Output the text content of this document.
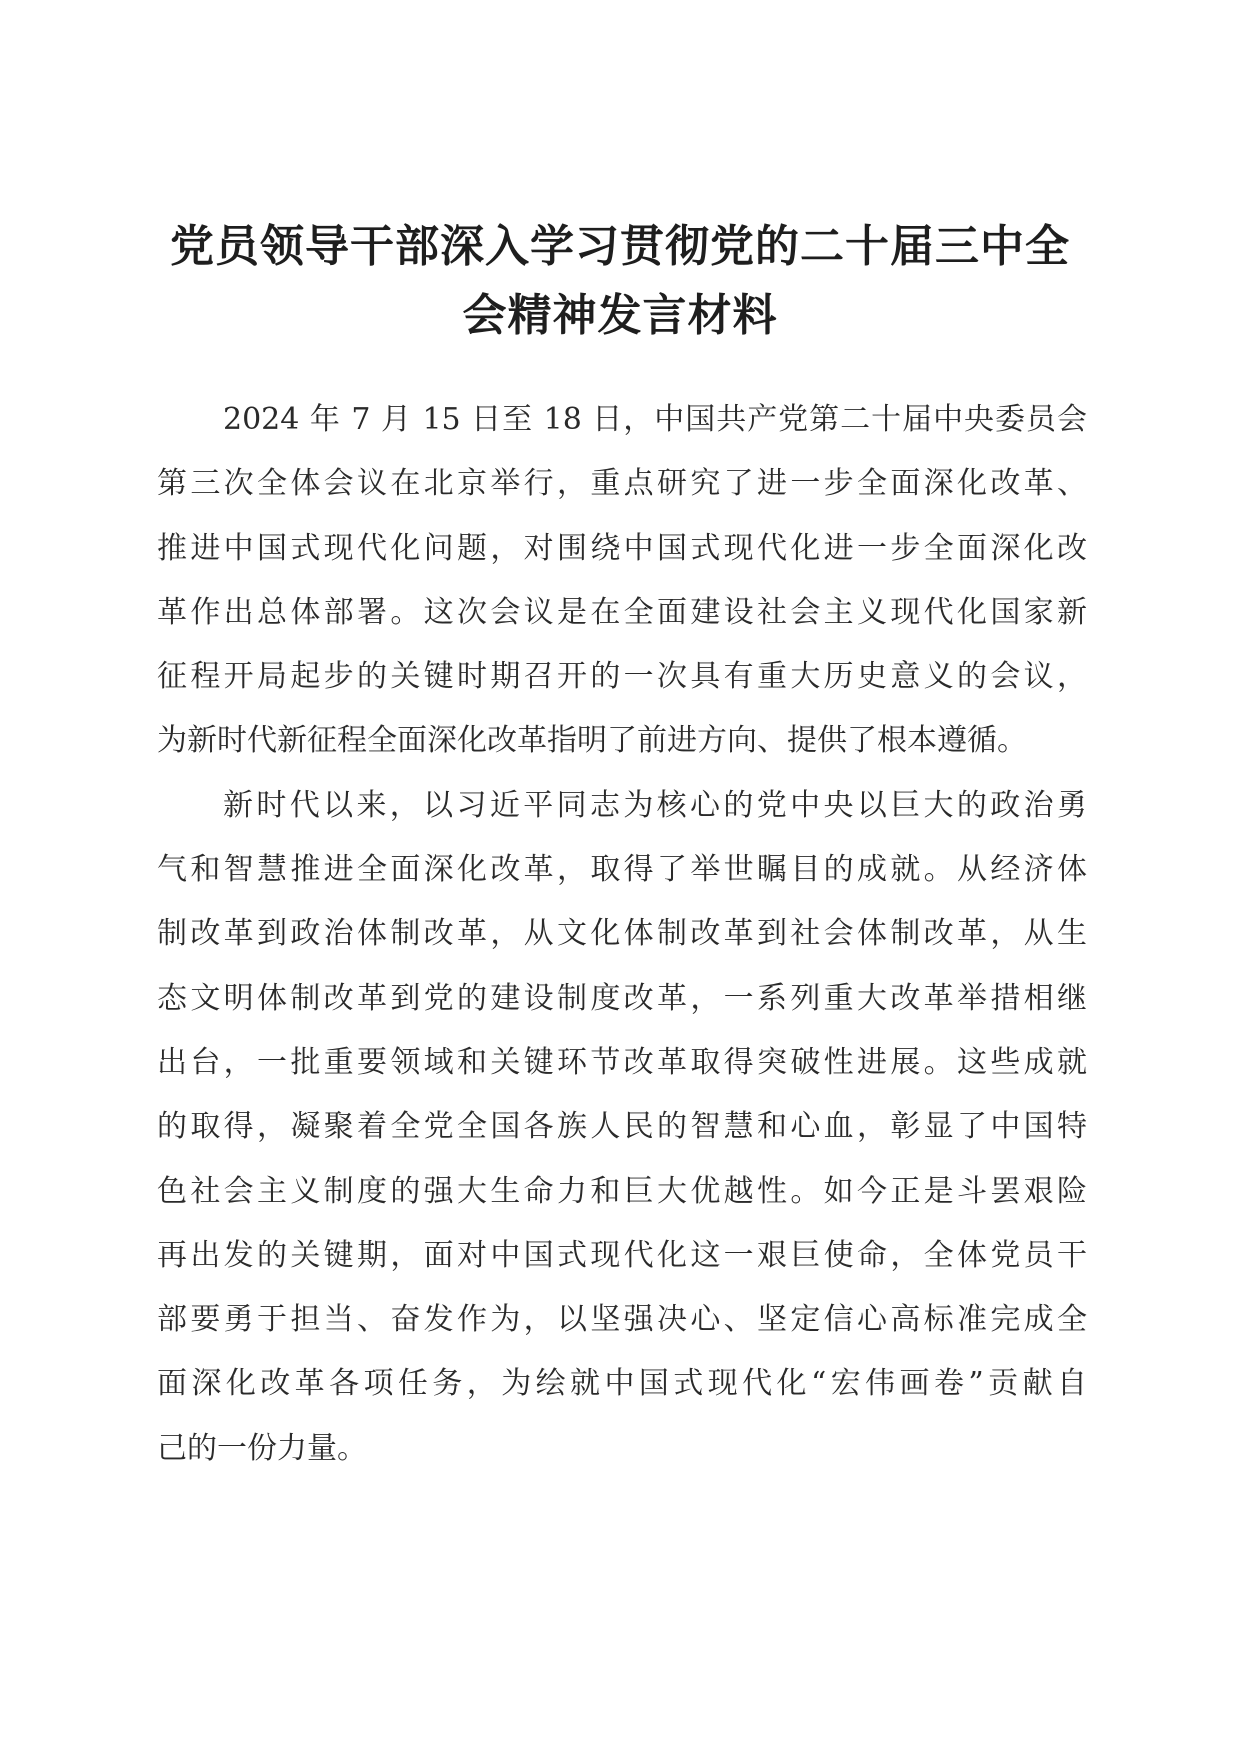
党员领导干部深入学习贯彻党的二十届三中全
会精神发言材料

2024 年 7 月 15 日至 18 日，中国共产党第二十届中央委员会
第三次全体会议在北京举行，重点研究了进一步全面深化改革、
推进中国式现代化问题，对围绕中国式现代化进一步全面深化改
革作出总体部署。这次会议是在全面建设社会主义现代化国家新
征程开局起步的关键时期召开的一次具有重大历史意义的会议，
为新时代新征程全面深化改革指明了前进方向、提供了根本遵循。

新时代以来，以习近平同志为核心的党中央以巨大的政治勇
气和智慧推进全面深化改革，取得了举世瞩目的成就。从经济体
制改革到政治体制改革，从文化体制改革到社会体制改革，从生
态文明体制改革到党的建设制度改革，一系列重大改革举措相继
出台，一批重要领域和关键环节改革取得突破性进展。这些成就
的取得，凝聚着全党全国各族人民的智慧和心血，彰显了中国特
色社会主义制度的强大生命力和巨大优越性。如今正是斗罢艰险
再出发的关键期，面对中国式现代化这一艰巨使命，全体党员干
部要勇于担当、奋发作为，以坚强决心、坚定信心高标准完成全
面深化改革各项任务，为绘就中国式现代化“宏伟画卷”贡献自
己的一份力量。
